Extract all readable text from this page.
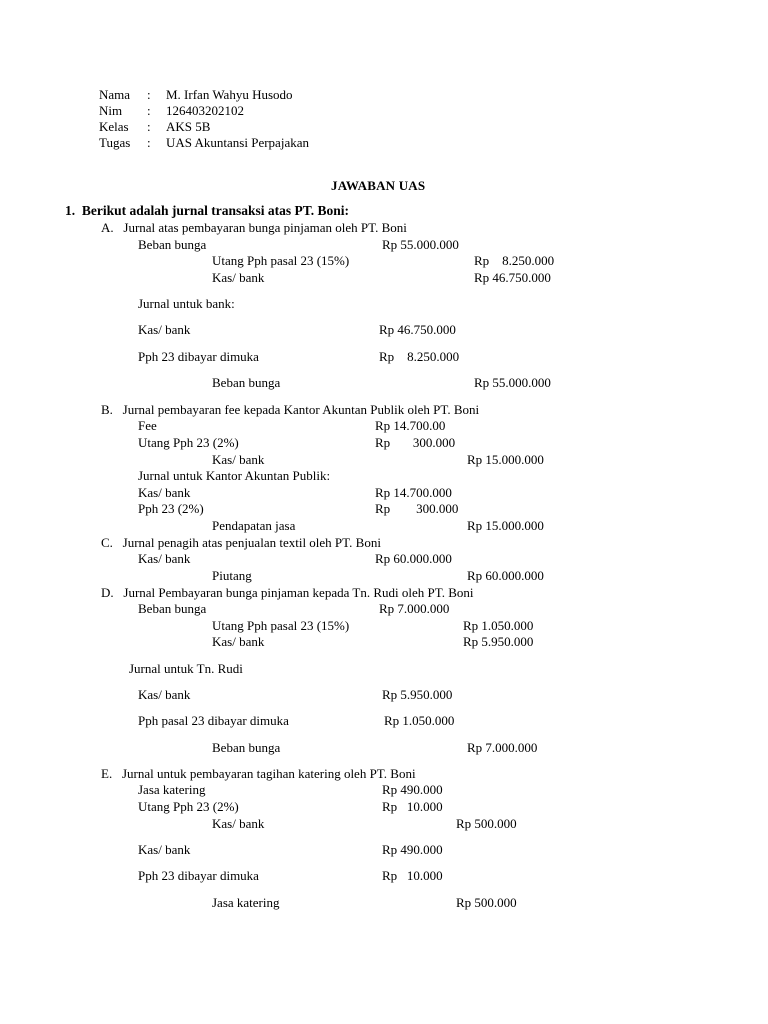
Nama : M. Irfan Wahyu Husodo
Nim : 126403202102
Kelas : AKS 5B
Tugas : UAS Akuntansi Perpajakan
JAWABAN UAS
1.  Berikut adalah jurnal transaksi atas PT. Boni:
A.   Jurnal atas pembayaran bunga pinjaman oleh PT. Boni
Beban bunga	Rp 55.000.000
Utang Pph pasal 23 (15%)	Rp    8.250.000
Kas/ bank	Rp 46.750.000
Jurnal untuk bank:
Kas/ bank	Rp 46.750.000
Pph 23 dibayar dimuka	Rp    8.250.000
Beban bunga	Rp 55.000.000
B.   Jurnal pembayaran fee kepada Kantor Akuntan Publik oleh PT. Boni
Fee	Rp 14.700.00
Utang Pph 23 (2%)	Rp       300.000
Kas/ bank	Rp 15.000.000
Jurnal untuk Kantor Akuntan Publik:
Kas/ bank	Rp 14.700.000
Pph 23 (2%)	Rp        300.000
Pendapatan jasa	Rp 15.000.000
C.   Jurnal penagih atas penjualan textil oleh PT. Boni
Kas/ bank	Rp 60.000.000
Piutang	Rp 60.000.000
D.   Jurnal Pembayaran bunga pinjaman kepada Tn. Rudi oleh PT. Boni
Beban bunga	Rp 7.000.000
Utang Pph pasal 23 (15%)	Rp 1.050.000
Kas/ bank	Rp 5.950.000
Jurnal untuk Tn. Rudi
Kas/ bank	Rp 5.950.000
Pph pasal 23 dibayar dimuka	Rp 1.050.000
Beban bunga	Rp 7.000.000
E.   Jurnal untuk pembayaran tagihan katering oleh PT. Boni
Jasa katering	Rp 490.000
Utang Pph 23 (2%)	Rp   10.000
Kas/ bank	Rp 500.000
Kas/ bank	Rp 490.000
Pph 23 dibayar dimuka	Rp   10.000
Jasa katering	Rp 500.000
